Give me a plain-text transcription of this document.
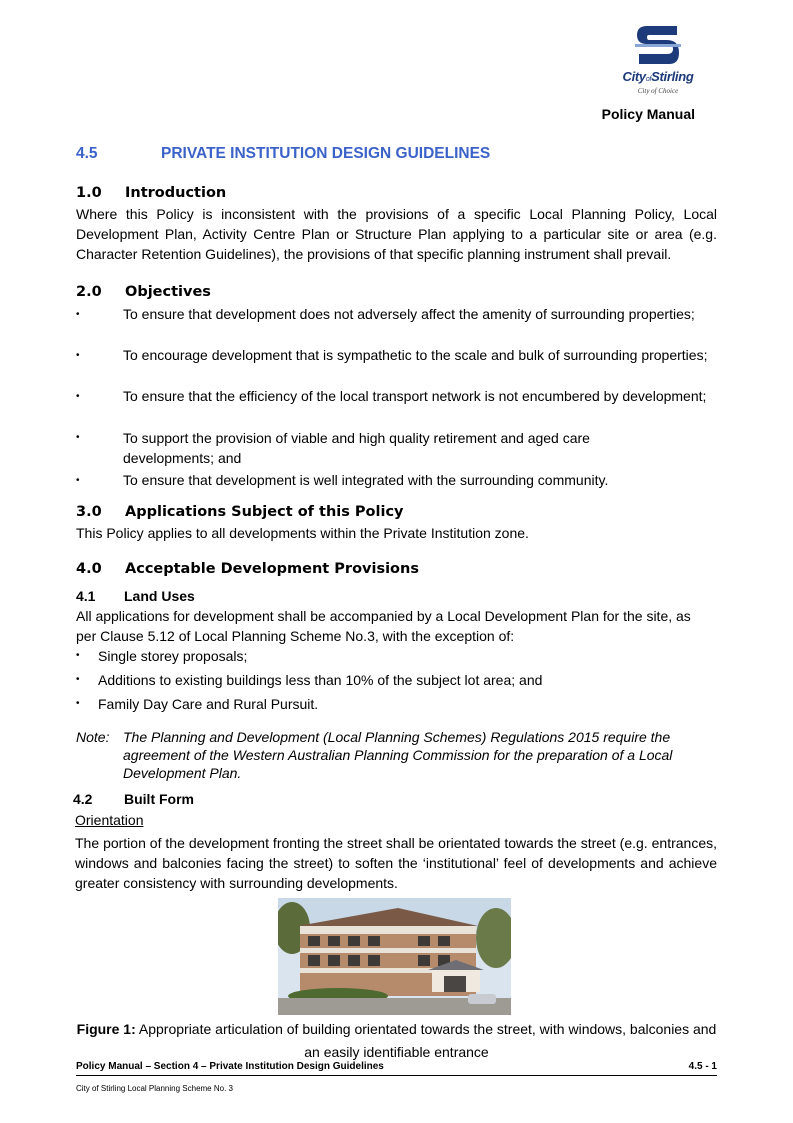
CityofStirling
City of Choice
Policy Manual
4.5	PRIVATE INSTITUTION DESIGN GUIDELINES
1.0 Introduction
Where this Policy is inconsistent with the provisions of a specific Local Planning Policy, Local Development Plan, Activity Centre Plan or Structure Plan applying to a particular site or area (e.g. Character Retention Guidelines), the provisions of that specific planning instrument shall prevail.
2.0 Objectives
•	To ensure that development does not adversely affect the amenity of surrounding properties;
•	To encourage development that is sympathetic to the scale and bulk of surrounding properties;
•	To ensure that the efficiency of the local transport network is not encumbered by development;
•	To support the provision of viable and high quality retirement and aged care developments; and
•	To ensure that development is well integrated with the surrounding community.
3.0 Applications Subject of this Policy
This Policy applies to all developments within the Private Institution zone.
4.0 Acceptable Development Provisions
4.1 Land Uses
All applications for development shall be accompanied by a Local Development Plan for the site, as per Clause 5.12 of Local Planning Scheme No.3, with the exception of:
• Single storey proposals;
• Additions to existing buildings less than 10% of the subject lot area; and
• Family Day Care and Rural Pursuit.
Note: The Planning and Development (Local Planning Schemes) Regulations 2015 require the agreement of the Western Australian Planning Commission for the preparation of a Local Development Plan.
4.2 Built Form
Orientation
The portion of the development fronting the street shall be orientated towards the street (e.g. entrances, windows and balconies facing the street) to soften the ‘institutional’ feel of developments and achieve greater consistency with surrounding developments.
Figure 1: Appropriate articulation of building orientated towards the street, with windows, balconies and an easily identifiable entrance
Policy Manual – Section 4 – Private Institution Design Guidelines	4.5 - 1
City of Stirling Local Planning Scheme No. 3
